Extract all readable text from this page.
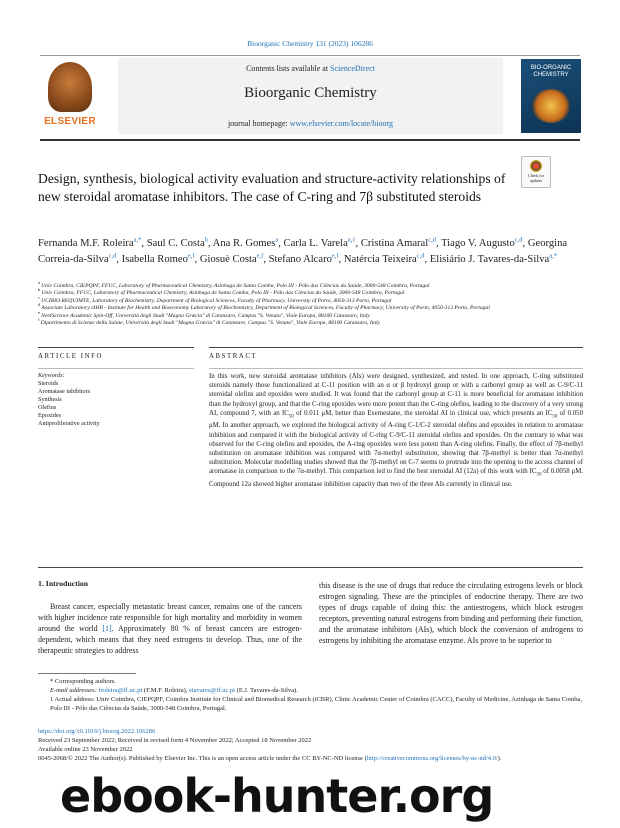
Bioorganic Chemistry 131 (2023) 106286
ELSEVIER
Contents lists available at ScienceDirect
Bioorganic Chemistry
journal homepage: www.elsevier.com/locate/bioorg
BIO-ORGANIC CHEMISTRY
Design, synthesis, biological activity evaluation and structure-activity relationships of new steroidal aromatase inhibitors. The case of C-ring and 7β substituted steroids
Check for updates
Fernanda M.F. Roleira$^{a,*}$, Saul C. Costa$^b$, Ana R. Gomes$^a$, Carla L. Varela$^{a,1}$, Cristina Amaral$^{c,d}$, Tiago V. Augusto$^{c,d}$, Georgina Correia-da-Silva$^{c,d}$, Isabella Romeo$^{e,f}$, Giosuè Costa$^{e,f}$, Stefano Alcaro$^{e,f}$, Natércia Teixeira$^{c,d}$, Elisiário J. Tavares-da-Silva$^{a,*}$
$^a$ Univ Coimbra, CIEPQPF, FFUC, Laboratory of Pharmaceutical Chemistry, Azinhaga de Santa Comba, Polo III - Pólo das Ciências da Saúde, 3000-548 Coimbra, Portugal
$^b$ Univ Coimbra, FFUC, Laboratory of Pharmaceutical Chemistry, Azinhaga de Santa Comba, Polo III - Pólo das Ciências da Saúde, 3000-548 Coimbra, Portugal
$^c$ UCIBIO.REQUIMTE, Laboratory of Biochemistry, Department of Biological Sciences, Faculty of Pharmacy, University of Porto, 4050-313 Porto, Portugal
$^d$ Associate Laboratory i4HB - Institute for Health and Bioeconomy Laboratory of Biochemistry, Department of Biological Sciences, Faculty of Pharmacy, University of Porto, 4050-313 Porto, Portugal
$^e$ Net4Science Academic Spin-Off, Università degli Studi "Magna Græcia" di Catanzaro, Campus "S. Venuta", Viale Europa, 88100 Catanzaro, Italy
$^f$ Dipartimento di Scienze della Salute, Università degli Studi "Magna Græcia" di Catanzaro, Campus "S. Venuta", Viale Europa, 88100 Catanzaro, Italy
ARTICLE INFO	ABSTRACT
Keywords:
Steroids
Aromatase inhibitors
Synthesis
Olefins
Epoxides
Antiproliferative activity
In this work, new steroidal aromatase inhibitors (AIs) were designed, synthesized, and tested. In one approach, C-ring substituted steroids namely those functionalized at C-11 position with an α or β hydroxyl group or with a carbonyl group as well as C-9/C-11 steroidal olefins and epoxides were studied. It was found that the carbonyl group at C-11 is more beneficial for aromatase inhibition than the hydroxyl group, and that the C-ring epoxides were more potent than the C-ring olefins, leading to the discovery of a very strong AI, compound 7, with an $IC_{50}$ of 0.011 μM, better than Exemestane, the steroidal AI in clinical use, which presents an $IC_{50}$ of 0.050 μM. In another approach, we explored the biological activity of A-ring C-1/C-2 steroidal olefins and epoxides in relation to aromatase inhibition and compared it with the biological activity of C-ring C-9/C-11 steroidal olefins and epoxides. On the contrary to what was observed for the C-ring olefins and epoxides, the A-ring epoxides were less potent than A-ring olefins. Finally, the effect of 7β-methyl substitution on aromatase inhibition was compared with 7α-methyl substitution, showing that 7β-methyl is better than 7α-methyl substitution. Molecular modelling studies showed that the 7β-methyl on C-7 seems to protrude into the opening to the access channel of aromatase in comparison to the 7α-methyl. This comparison led to find the best steroidal AI (12a) of this work with $IC_{50}$ of 0.0058 μM. Compound 12a showed higher aromatase inhibition capacity than two of the three AIs currently in clinical use.
1. Introduction
Breast cancer, especially metastatic breast cancer, remains one of the cancers with higher incidence rate responsible for high mortality and morbidity in women around the world [1]. Approximately 80 % of breast cancers are estrogen-dependent, which means that they need estrogens to develop. Thus, one of the therapeutic strategies to address
this disease is the use of drugs that reduce the circulating estrogens levels or block estrogen signaling. These are the principles of endocrine therapy. There are two types of drugs capable of doing this: the antiestrogens, which block estrogen receptors, preventing natural estrogens from binding and performing their function, and the aromatase inhibitors (AIs), which block the conversion of androgens to estrogens by inhibiting the aromatase enzyme. AIs prove to be superior to
* Corresponding authors.
E-mail addresses: froleira@ff.uc.pt (F.M.F. Roleira), etavares@ff.uc.pt (E.J. Tavares-da-Silva).
1 Actual address: Univ Coimbra, CIEPQPF, Coimbra Institute for Clinical and Biomedical Research (iCBR), Clinic Academic Center of Coimbra (CACC), Faculty of Medicine, Azinhaga de Santa Comba, Polo III - Pólo das Ciências da Saúde, 3000-548 Coimbra, Portugal.
https://doi.org/10.1016/j.bioorg.2022.106286
Received 23 September 2022; Received in revised form 4 November 2022; Accepted 18 November 2022
Available online 23 November 2022
0045-2068/© 2022 The Author(s). Published by Elsevier Inc. This is an open access article under the CC BY-NC-ND license (http://creativecommons.org/licenses/by-nc-nd/4.0/).
ebook-hunter.org
